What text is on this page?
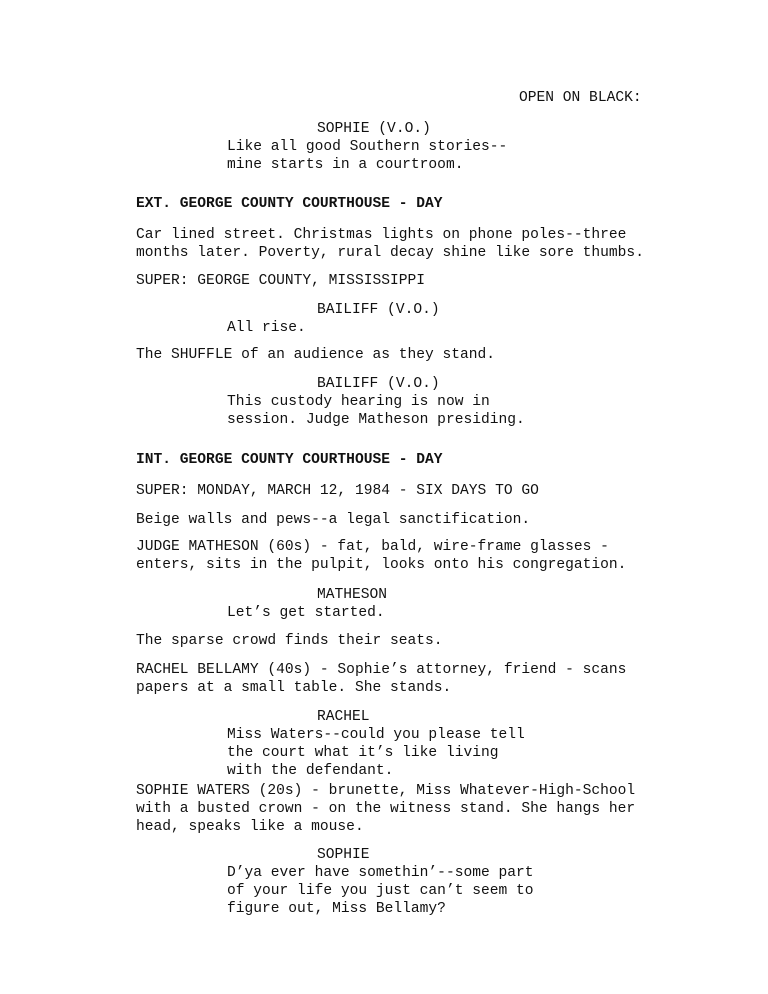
OPEN ON BLACK:
SOPHIE (V.O.)
Like all good Southern stories--
mine starts in a courtroom.
EXT. GEORGE COUNTY COURTHOUSE - DAY
Car lined street. Christmas lights on phone poles--three
months later. Poverty, rural decay shine like sore thumbs.
SUPER: GEORGE COUNTY, MISSISSIPPI
BAILIFF (V.O.)
All rise.
The SHUFFLE of an audience as they stand.
BAILIFF (V.O.)
This custody hearing is now in
session. Judge Matheson presiding.
INT. GEORGE COUNTY COURTHOUSE - DAY
SUPER: MONDAY, MARCH 12, 1984 - SIX DAYS TO GO
Beige walls and pews--a legal sanctification.
JUDGE MATHESON (60s) - fat, bald, wire-frame glasses -
enters, sits in the pulpit, looks onto his congregation.
MATHESON
Let’s get started.
The sparse crowd finds their seats.
RACHEL BELLAMY (40s) - Sophie’s attorney, friend - scans
papers at a small table. She stands.
RACHEL
Miss Waters--could you please tell
the court what it’s like living
with the defendant.
SOPHIE WATERS (20s) - brunette, Miss Whatever-High-School
with a busted crown - on the witness stand. She hangs her
head, speaks like a mouse.
SOPHIE
D’ya ever have somethin’--some part
of your life you just can’t seem to
figure out, Miss Bellamy?
